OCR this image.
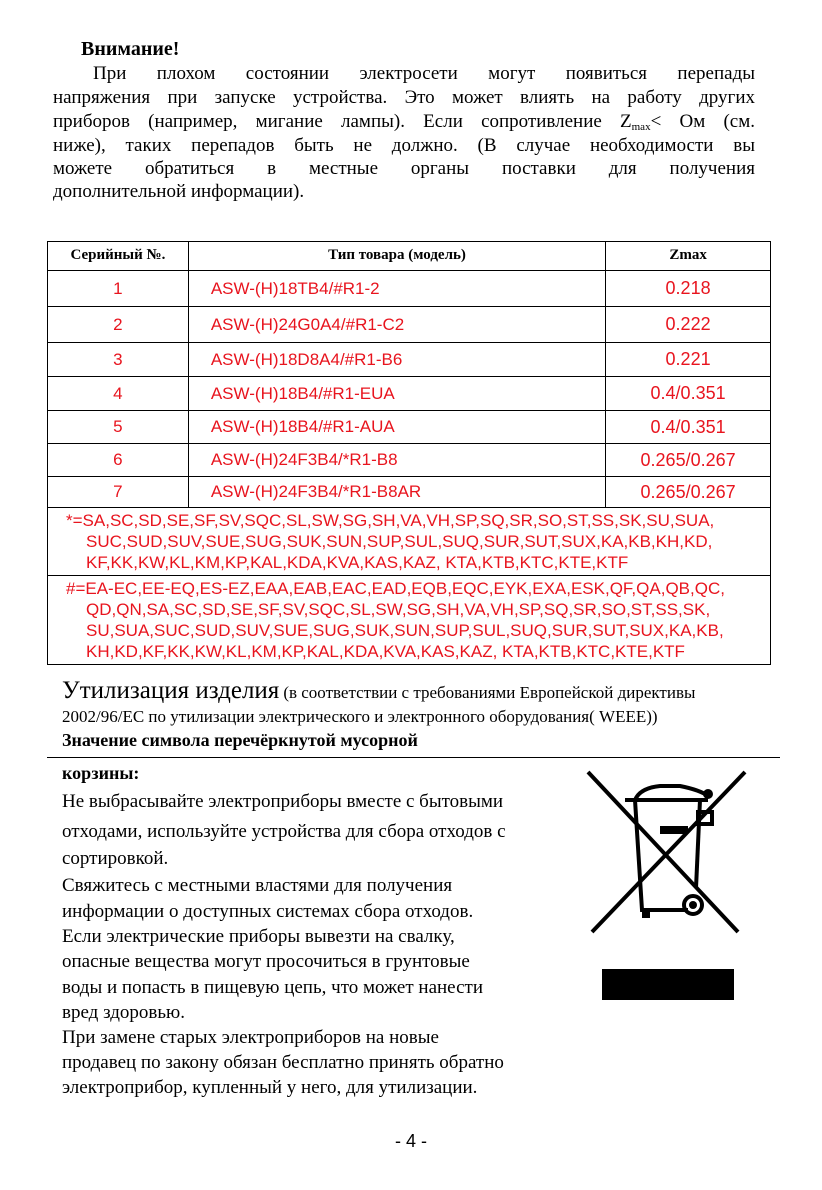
Внимание!
При плохом состоянии электросети могут появиться перепады
напряжения при запуске устройства. Это может влиять на работу других
приборов (например, мигание лампы). Если сопротивление $Z_{max}<$ Ом (см.
ниже), таких перепадов быть не должно. (В случае необходимости вы
можете обратиться в местные органы поставки для получения
дополнительной информации).
Серийный №.	Тип товара (модель)	Zmax
1	ASW-(H)18TB4/#R1-2	0.218
2	ASW-(H)24G0A4/#R1-C2	0.222
3	ASW-(H)18D8A4/#R1-B6	0.221
4	ASW-(H)18B4/#R1-EUA	0.4/0.351
5	ASW-(H)18B4/#R1-AUA	0.4/0.351
6	ASW-(H)24F3B4/*R1-B8	0.265/0.267
7	ASW-(H)24F3B4/*R1-B8AR	0.265/0.267

*=SA,SC,SD,SE,SF,SV,SQC,SL,SW,SG,SH,VA,VH,SP,SQ,SR,SO,ST,SS,SK,SU,SUA,
SUC,SUD,SUV,SUE,SUG,SUK,SUN,SUP,SUL,SUQ,SUR,SUT,SUX,KA,KB,KH,KD,
KF,KK,KW,KL,KM,KP,KAL,KDA,KVA,KAS,KAZ, KTA,KTB,KTC,KTE,KTF		

#=EA-EC,EE-EQ,ES-EZ,EAA,EAB,EAC,EAD,EQB,EQC,EYK,EXA,ESK,QF,QA,QB,QC,
QD,QN,SA,SC,SD,SE,SF,SV,SQC,SL,SW,SG,SH,VA,VH,SP,SQ,SR,SO,ST,SS,SK,
SU,SUA,SUC,SUD,SUV,SUE,SUG,SUK,SUN,SUP,SUL,SUQ,SUR,SUT,SUX,KA,KB,
KH,KD,KF,KK,KW,KL,KM,KP,KAL,KDA,KVA,KAS,KAZ, KTA,KTB,KTC,KTE,KTF		
Утилизация изделия (в соответствии с требованиями Европейской директивы
2002/96/EC по утилизации электрического и электронного оборудования( WEEE))
Значение символа перечёркнутой мусорной
корзины:
Не выбрасывайте электроприборы вместе с бытовыми
отходами, используйте устройства для сбора отходов с
сортировкой.
Свяжитесь с местными властями для получения
информации о доступных системах сбора отходов.
Если электрические приборы вывезти на свалку,
опасные вещества могут просочиться в грунтовые
воды и попасть в пищевую цепь, что может нанести
вред здоровью.
При замене старых электроприборов на новые
продавец по закону обязан бесплатно принять обратно
электроприбор, купленный у него, для утилизации.
- 4 -
